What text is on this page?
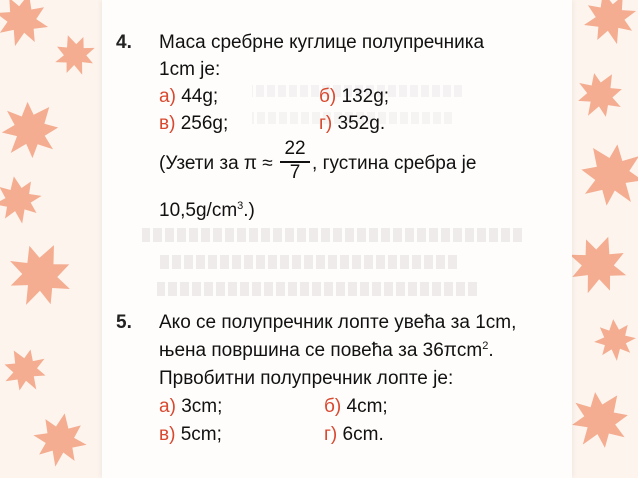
4. Маса сребрне куглице полупречника
1cm је:
а) 44g;	б) 132g;
в) 256g;	г) 352g.
(Узети за $\pi \approx \frac{22}{7}$ , густина сребра је
$10,5g/cm^3$.)
5. Ако се полупречник лопте увећа за 1cm,
њена површина се повећа за 36πcm$^2$.
Првобитни полупречник лопте је:
а) 3cm;	б) 4cm;
в) 5cm;	г) 6cm.
